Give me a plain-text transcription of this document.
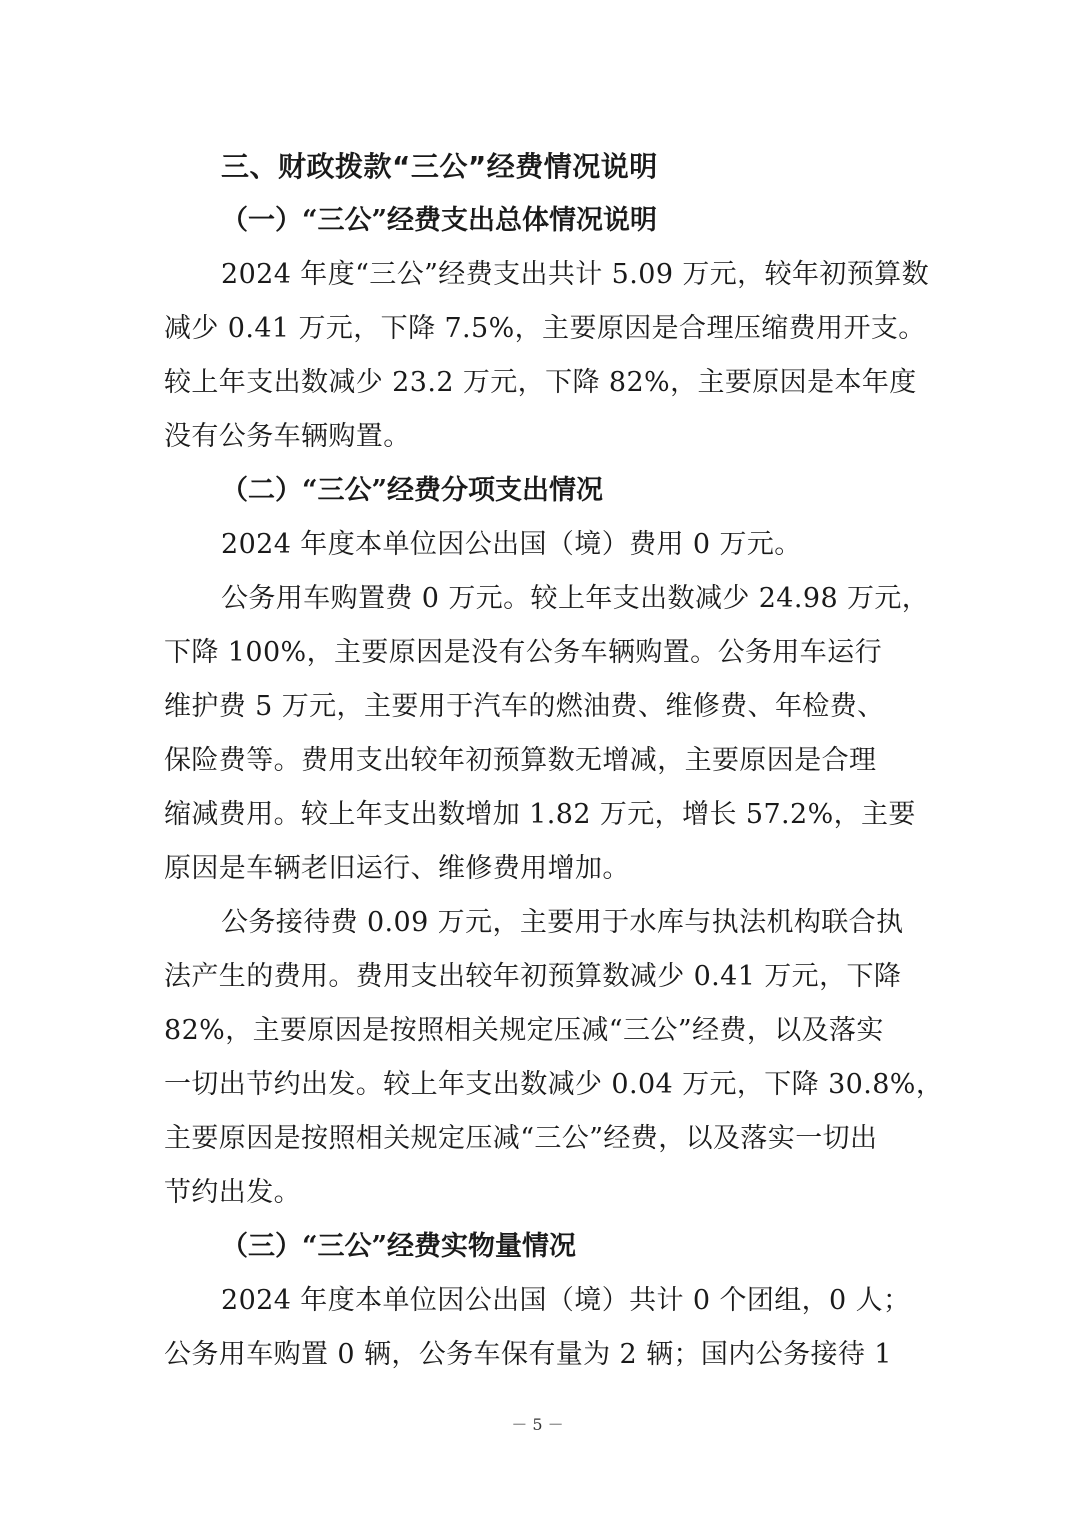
三、财政拨款“三公”经费情况说明
（一）“三公”经费支出总体情况说明
2024 年度“三公”经费支出共计 5.09 万元，较年初预算数
减少 0.41 万元，下降 7.5%，主要原因是合理压缩费用开支。
较上年支出数减少 23.2 万元，下降 82%，主要原因是本年度
没有公务车辆购置。
（二）“三公”经费分项支出情况
2024 年度本单位因公出国（境）费用 0 万元。
公务用车购置费 0 万元。较上年支出数减少 24.98 万元，
下降 100%，主要原因是没有公务车辆购置。公务用车运行
维护费 5 万元，主要用于汽车的燃油费、维修费、年检费、
保险费等。费用支出较年初预算数无增减，主要原因是合理
缩减费用。较上年支出数增加 1.82 万元，增长 57.2%，主要
原因是车辆老旧运行、维修费用增加。
公务接待费 0.09 万元，主要用于水库与执法机构联合执
法产生的费用。费用支出较年初预算数减少 0.41 万元，下降
82%，主要原因是按照相关规定压减“三公”经费，以及落实
一切出节约出发。较上年支出数减少 0.04 万元，下降 30.8%，
主要原因是按照相关规定压减“三公”经费，以及落实一切出
节约出发。
（三）“三公”经费实物量情况
2024 年度本单位因公出国（境）共计 0 个团组，0 人；
公务用车购置 0 辆，公务车保有量为 2 辆；国内公务接待 1
－ 5 －
